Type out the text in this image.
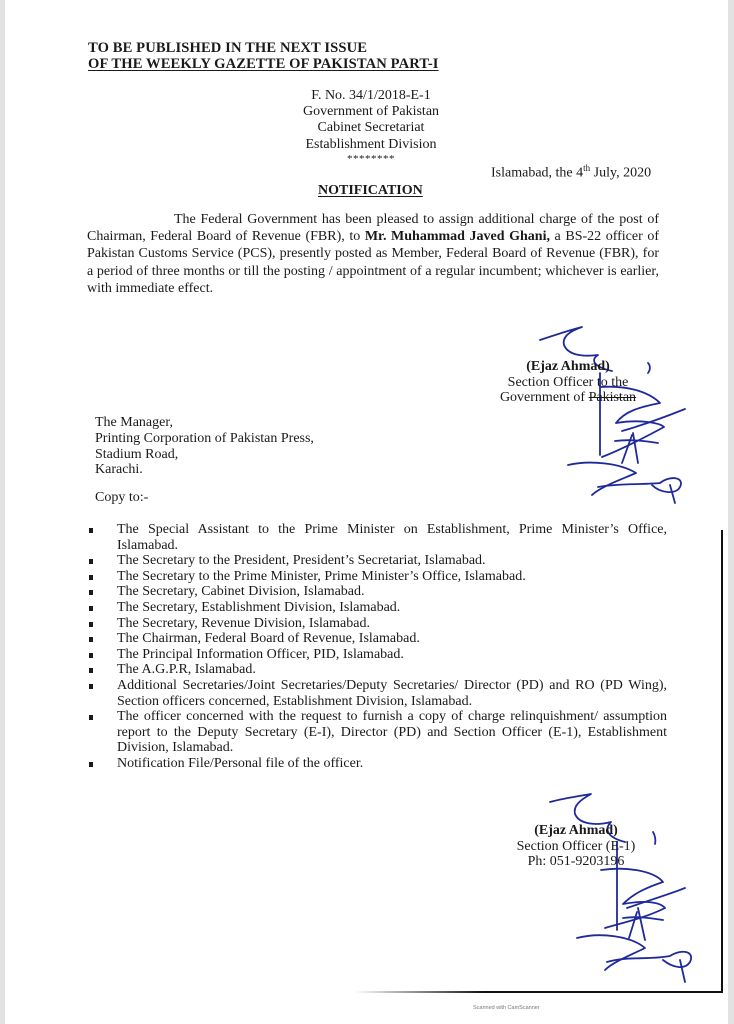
TO BE PUBLISHED IN THE NEXT ISSUE
OF THE WEEKLY GAZETTE OF PAKISTAN PART-I
F. No. 34/1/2018-E-1
Government of Pakistan
Cabinet Secretariat
Establishment Division
********
Islamabad, the 4th July, 2020
NOTIFICATION
The Federal Government has been pleased to assign additional charge of the post of Chairman, Federal Board of Revenue (FBR), to Mr. Muhammad Javed Ghani, a BS-22 officer of Pakistan Customs Service (PCS), presently posted as Member, Federal Board of Revenue (FBR), for a period of three months or till the posting / appointment of a regular incumbent; whichever is earlier, with immediate effect.
(Ejaz Ahmad)
Section Officer to the
Government of Pakistan
The Manager,
Printing Corporation of Pakistan Press,
Stadium Road,
Karachi.
Copy to:-
The Special Assistant to the Prime Minister on Establishment, Prime Minister’s Office, Islamabad.
The Secretary to the President, President’s Secretariat, Islamabad.
The Secretary to the Prime Minister, Prime Minister’s Office, Islamabad.
The Secretary, Cabinet Division, Islamabad.
The Secretary, Establishment Division, Islamabad.
The Secretary, Revenue Division, Islamabad.
The Chairman, Federal Board of Revenue, Islamabad.
The Principal Information Officer, PID, Islamabad.
The A.G.P.R, Islamabad.
Additional Secretaries/Joint Secretaries/Deputy Secretaries/ Director (PD) and RO (PD Wing), Section officers concerned, Establishment Division, Islamabad.
The officer concerned with the request to furnish a copy of charge relinquishment/ assumption report to the Deputy Secretary (E-I), Director (PD) and Section Officer (E-1), Establishment Division, Islamabad.
Notification File/Personal file of the officer.
(Ejaz Ahmad)
Section Officer (E-1)
Ph: 051-9203196
Scanned with CamScanner
